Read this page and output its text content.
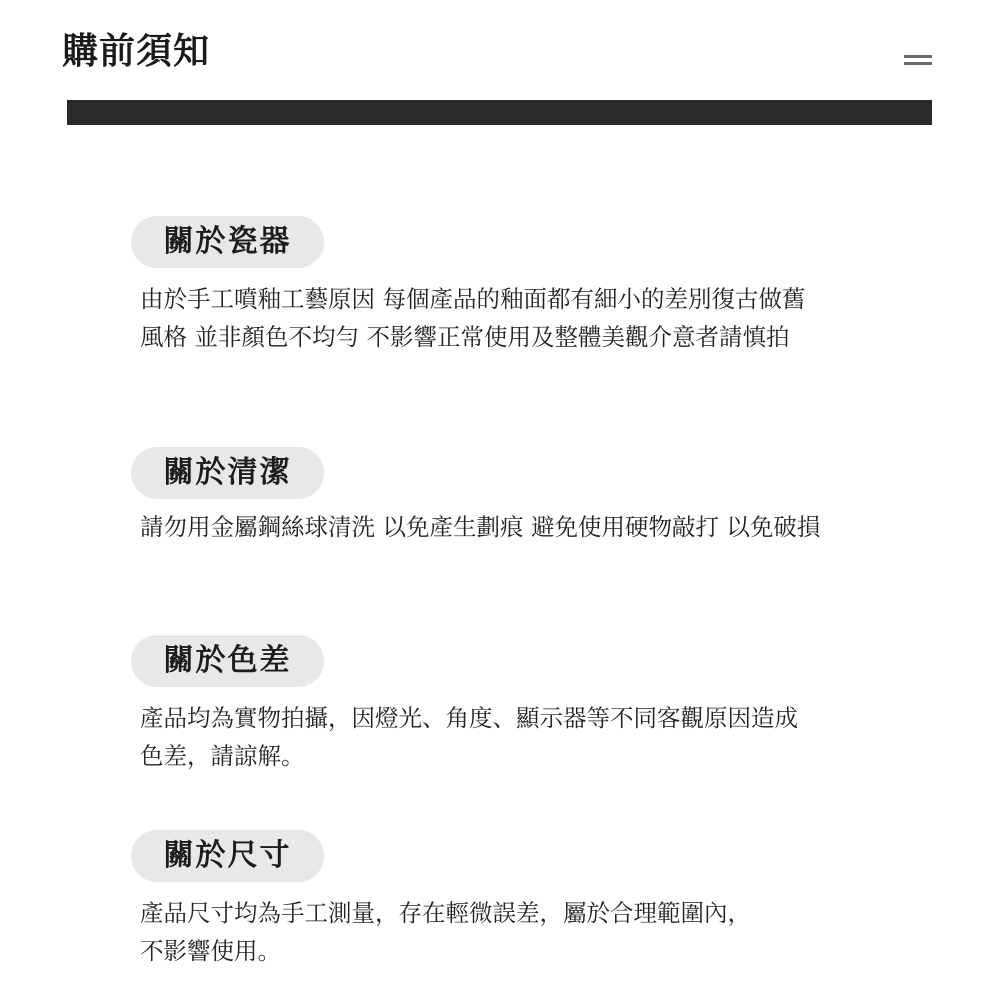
購前須知
關於瓷器

由於手工噴釉工藝原因 每個產品的釉面都有細小的差別復古做舊
風格 並非顏色不均勻 不影響正常使用及整體美觀介意者請慎拍

關於清潔

請勿用金屬鋼絲球清洗 以免產生劃痕 避免使用硬物敲打 以免破損

關於色差

產品均為實物拍攝，因燈光、角度、顯示器等不同客觀原因造成
色差，請諒解。

關於尺寸

產品尺寸均為手工測量，存在輕微誤差，屬於合理範圍內，
不影響使用。
